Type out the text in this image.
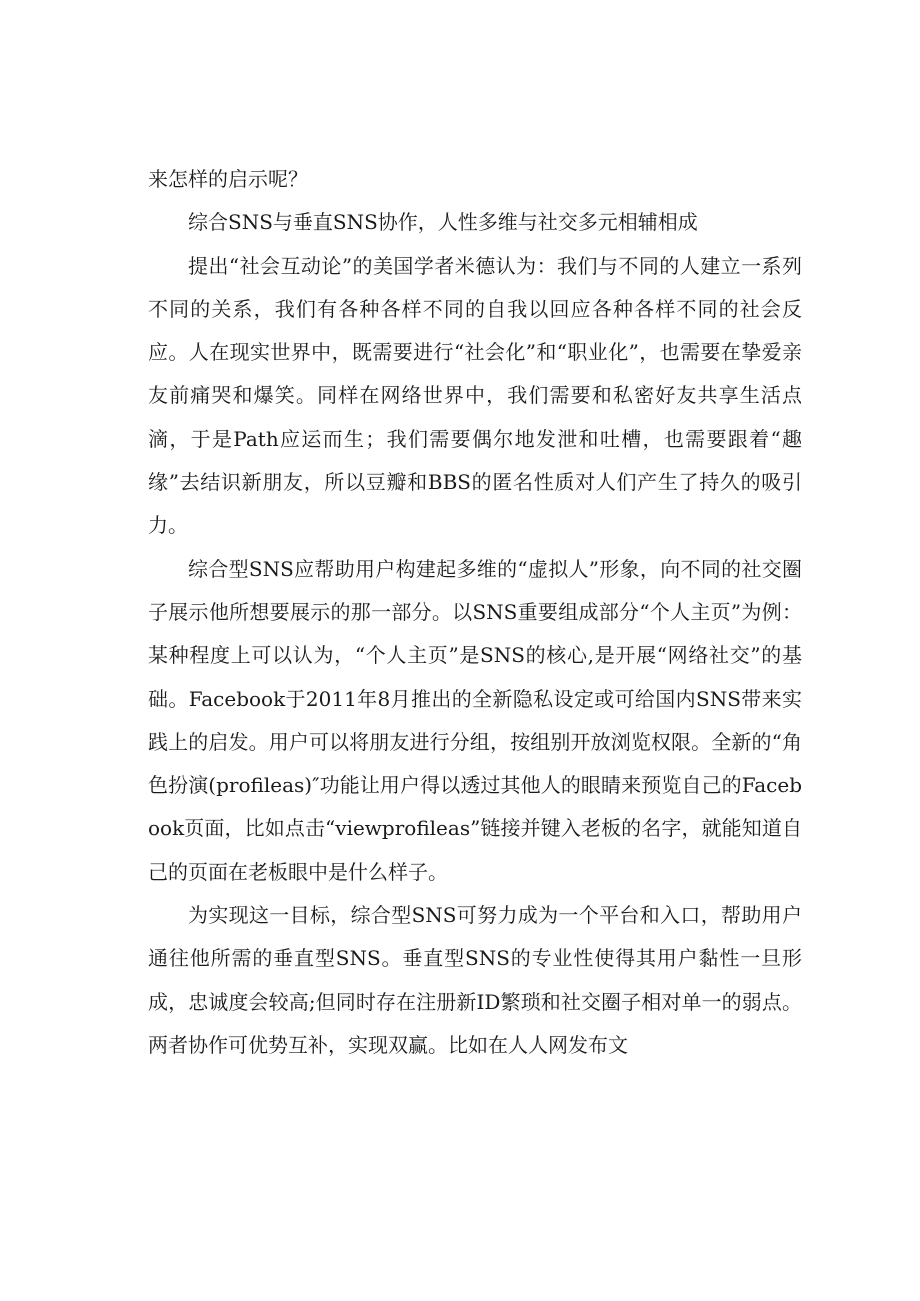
来怎样的启示呢？

综合SNS与垂直SNS协作，人性多维与社交多元相辅相成

提出“社会互动论”的美国学者米德认为：我们与不同的人建立一系列不同的关系，我们有各种各样不同的自我以回应各种各样不同的社会反应。人在现实世界中，既需要进行“社会化”和“职业化”，也需要在挚爱亲友前痛哭和爆笑。同样在网络世界中，我们需要和私密好友共享生活点滴，于是Path应运而生；我们需要偶尔地发泄和吐槽，也需要跟着“趣缘”去结识新朋友，所以豆瓣和BBS的匿名性质对人们产生了持久的吸引力。

综合型SNS应帮助用户构建起多维的“虚拟人”形象，向不同的社交圈子展示他所想要展示的那一部分。以SNS重要组成部分“个人主页”为例：某种程度上可以认为，“个人主页”是SNS的核心,是开展“网络社交”的基础。Facebook于2011年8月推出的全新隐私设定或可给国内SNS带来实践上的启发。用户可以将朋友进行分组，按组别开放浏览权限。全新的“角色扮演(profileas)″功能让用户得以透过其他人的眼睛来预览自己的Facebook页面，比如点击“viewprofileas”链接并键入老板的名字，就能知道自己的页面在老板眼中是什么样子。

为实现这一目标，综合型SNS可努力成为一个平台和入口，帮助用户通往他所需的垂直型SNS。垂直型SNS的专业性使得其用户黏性一旦形成，忠诚度会较高;但同时存在注册新ID繁琐和社交圈子相对单一的弱点。两者协作可优势互补，实现双赢。比如在人人网发布文
